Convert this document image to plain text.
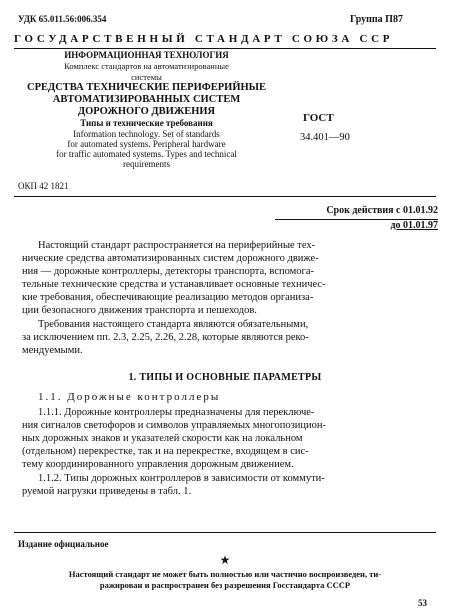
УДК 65.011.56:006.354	Группа П87
ГОСУДАРСТВЕННЫЙ СТАНДАРТ СОЮЗА ССР
ИНФОРМАЦИОННАЯ ТЕХНОЛОГИЯ
Комплекс стандартов на автоматизированные
системы
СРЕДСТВА ТЕХНИЧЕСКИЕ ПЕРИФЕРИЙНЫЕ
АВТОМАТИЗИРОВАННЫХ СИСТЕМ
ДОРОЖНОГО ДВИЖЕНИЯ
Типы и технические требования
Information technology. Set of standards
for automated systems. Peripheral hardware
for traffic automated systems. Types and technical
requirements
ОКП 42 1821
ГОСТ
34.401—90
Срок действия с 01.01.92
до 01.01.97
Настоящий стандарт распространяется на периферийные тех-
нические средства автоматизированных систем дорожного движе-
ния — дорожные контроллеры, детекторы транспорта, вспомога-
тельные технические средства и устанавливает основные техничес-
кие требования, обеспечивающие реализацию методов организа-
ции безопасного движения транспорта и пешеходов.
Требования настоящего стандарта являются обязательными,
за исключением пп. 2.3, 2.25, 2.26, 2.28, которые являются реко-
мендуемыми.
1. ТИПЫ И ОСНОВНЫЕ ПАРАМЕТРЫ
1.1. Дорожные контроллеры
1.1.1. Дорожные контроллеры предназначены для переключе-
ния сигналов светофоров и символов управляемых многопозицион-
ных дорожных знаков и указателей скорости как на локальном
(отдельном) перекрестке, так и на перекрестке, входящем в сис-
тему координированного управления дорожным движением.
1.1.2. Типы дорожных контроллеров в зависимости от коммути-
руемой нагрузки приведены в табл. 1.
Издание официальное
★
Настоящий стандарт не может быть полностью или частично воспроизведен, ти-
ражирован и распространен без разрешения Госстандарта СССР
53
